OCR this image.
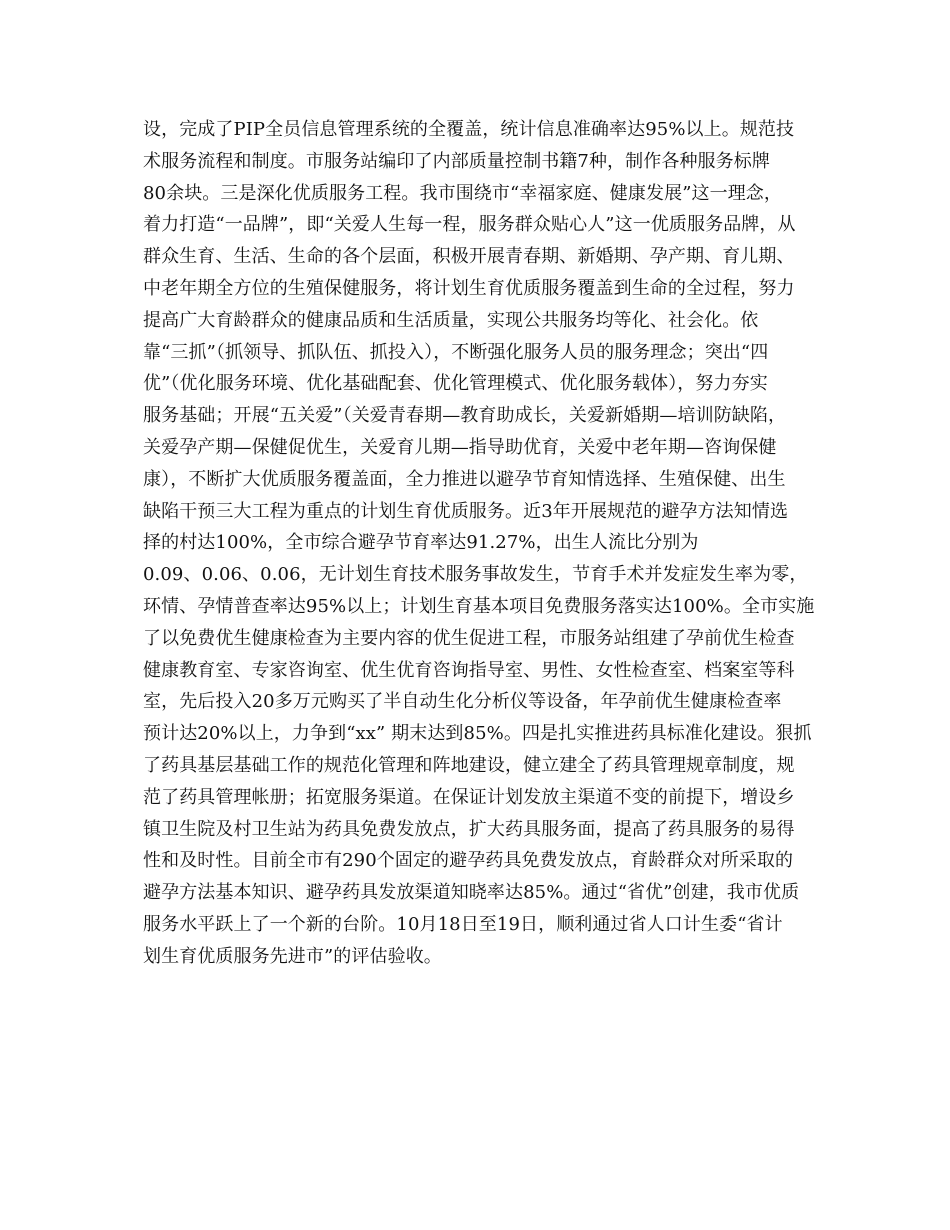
设，完成了PIP全员信息管理系统的全覆盖，统计信息准确率达95%以上。规范技
术服务流程和制度。市服务站编印了内部质量控制书籍7种，制作各种服务标牌
80余块。三是深化优质服务工程。我市围绕市“幸福家庭、健康发展”这一理念，
着力打造“一品牌”，即“关爱人生每一程，服务群众贴心人”这一优质服务品牌，从
群众生育、生活、生命的各个层面，积极开展青春期、新婚期、孕产期、育儿期、
中老年期全方位的生殖保健服务，将计划生育优质服务覆盖到生命的全过程，努力
提高广大育龄群众的健康品质和生活质量，实现公共服务均等化、社会化。依
靠“三抓”（抓领导、抓队伍、抓投入），不断强化服务人员的服务理念；突出“四
优”（优化服务环境、优化基础配套、优化管理模式、优化服务载体），努力夯实
服务基础；开展“五关爱”（关爱青春期—教育助成长，关爱新婚期—培训防缺陷，
关爱孕产期—保健促优生，关爱育儿期—指导助优育，关爱中老年期—咨询保健
康），不断扩大优质服务覆盖面，全力推进以避孕节育知情选择、生殖保健、出生
缺陷干预三大工程为重点的计划生育优质服务。近3年开展规范的避孕方法知情选
择的村达100%，全市综合避孕节育率达91.27%，出生人流比分别为
0.09、0.06、0.06，无计划生育技术服务事故发生，节育手术并发症发生率为零，
环情、孕情普查率达95%以上；计划生育基本项目免费服务落实达100%。全市实施
了以免费优生健康检查为主要内容的优生促进工程，市服务站组建了孕前优生检查
健康教育室、专家咨询室、优生优育咨询指导室、男性、女性检查室、档案室等科
室，先后投入20多万元购买了半自动生化分析仪等设备，年孕前优生健康检查率
预计达20%以上，力争到“xx” 期末达到85%。四是扎实推进药具标准化建设。狠抓
了药具基层基础工作的规范化管理和阵地建设，健立建全了药具管理规章制度，规
范了药具管理帐册；拓宽服务渠道。在保证计划发放主渠道不变的前提下，增设乡
镇卫生院及村卫生站为药具免费发放点，扩大药具服务面，提高了药具服务的易得
性和及时性。目前全市有290个固定的避孕药具免费发放点，育龄群众对所采取的
避孕方法基本知识、避孕药具发放渠道知晓率达85%。通过“省优”创建，我市优质
服务水平跃上了一个新的台阶。10月18日至19日，顺利通过省人口计生委“省计
划生育优质服务先进市”的评估验收。
